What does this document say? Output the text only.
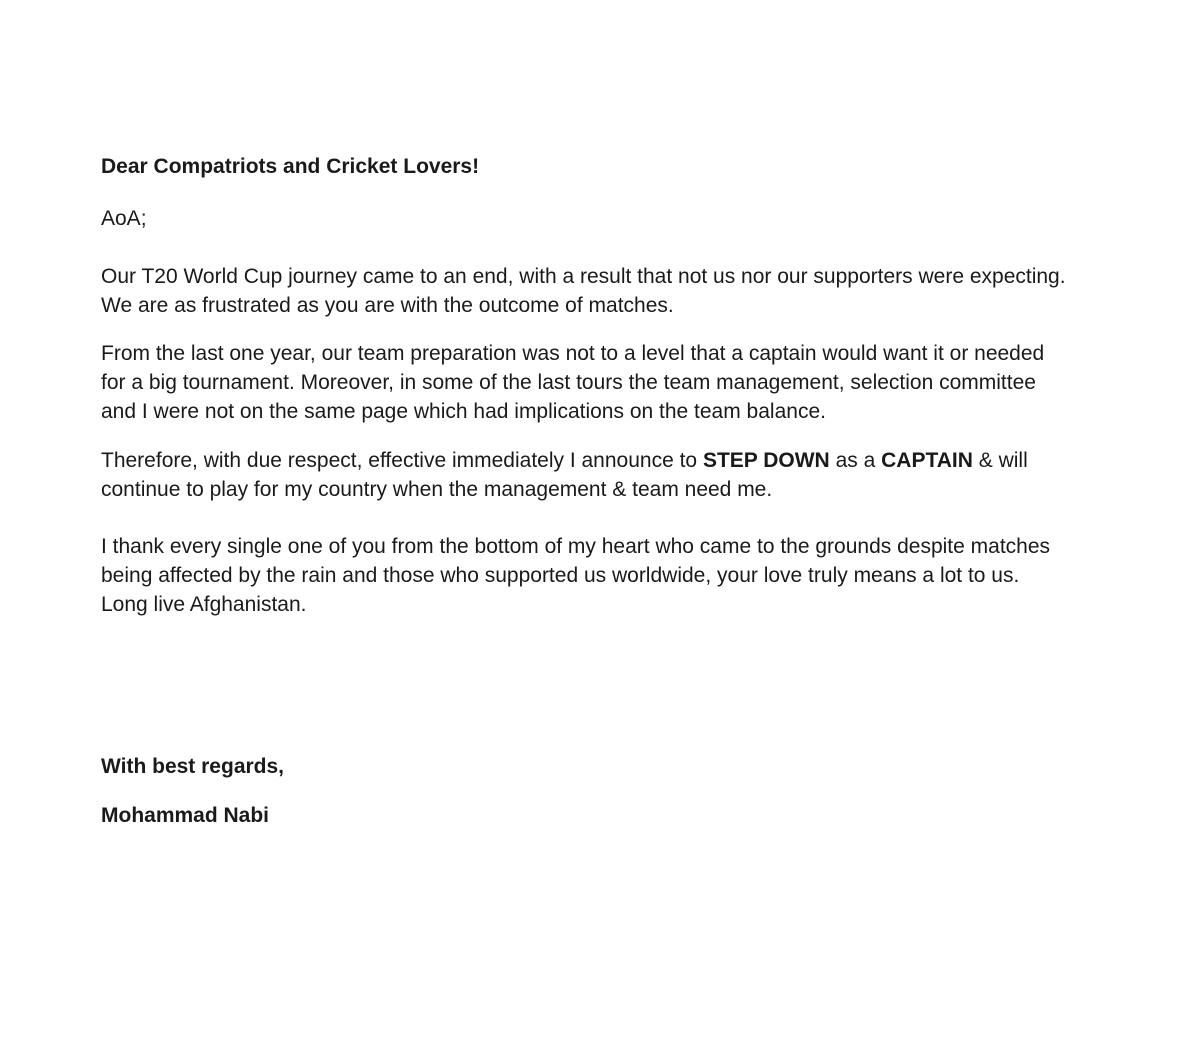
Dear Compatriots and Cricket Lovers!
AoA;
Our T20 World Cup journey came to an end, with a result that not us nor our supporters were expecting.
We are as frustrated as you are with the outcome of matches.
From the last one year, our team preparation was not to a level that a captain would want it or needed
for a big tournament. Moreover, in some of the last tours the team management, selection committee
and I were not on the same page which had implications on the team balance.
Therefore, with due respect, effective immediately I announce to STEP DOWN as a CAPTAIN & will
continue to play for my country when the management & team need me.
I thank every single one of you from the bottom of my heart who came to the grounds despite matches
being affected by the rain and those who supported us worldwide, your love truly means a lot to us.
Long live Afghanistan.
With best regards,
Mohammad Nabi
